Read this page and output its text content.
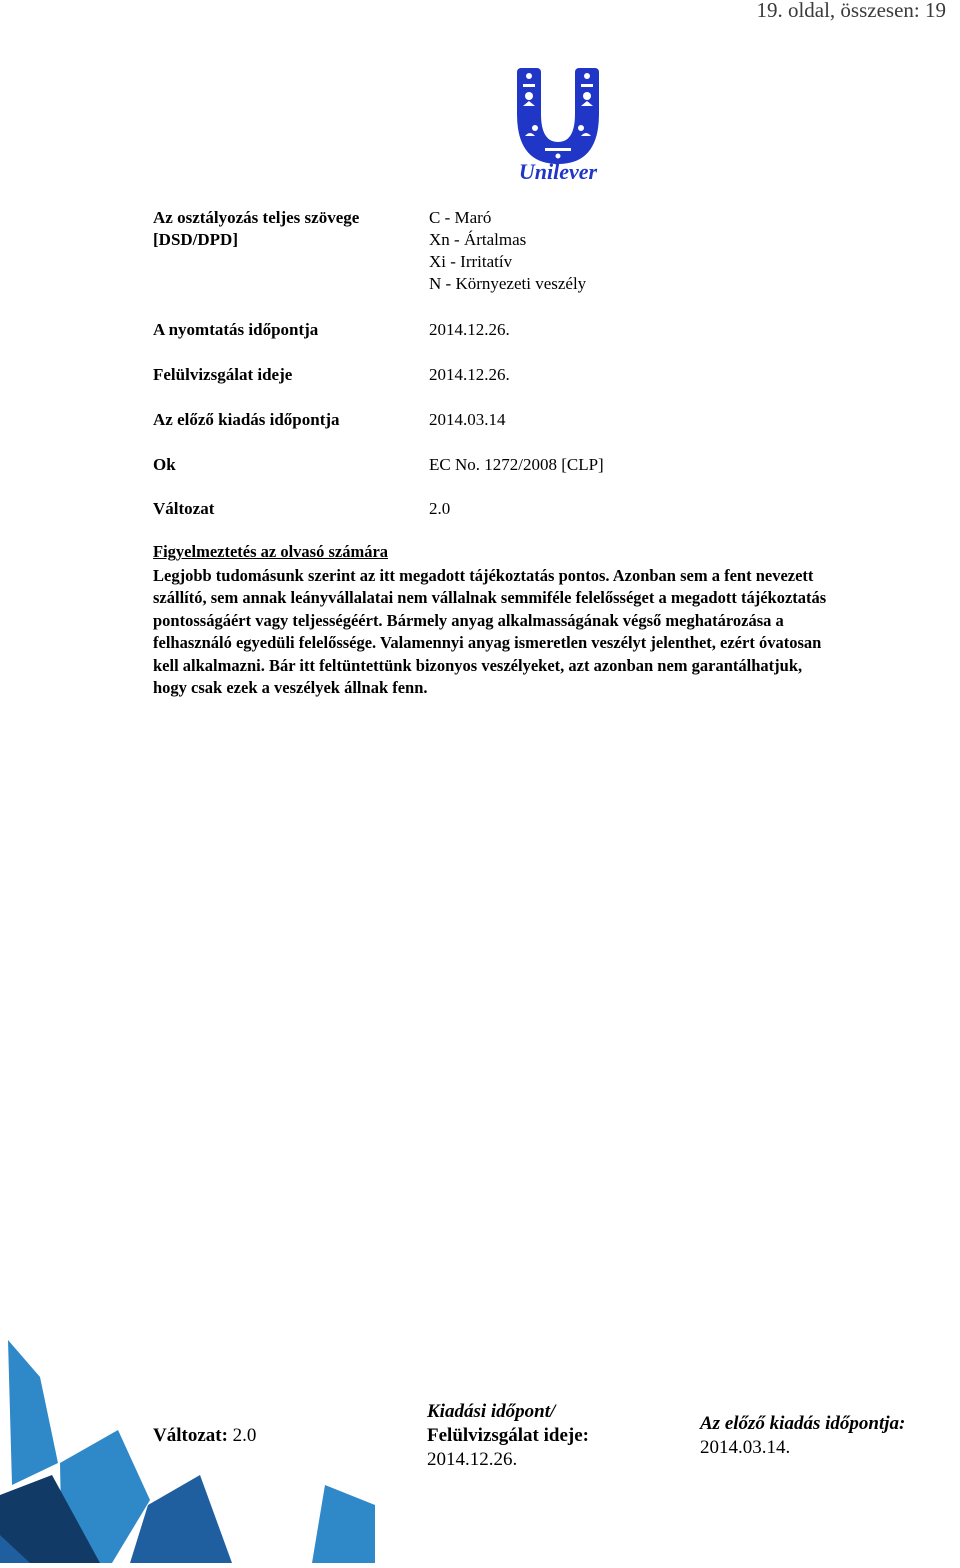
19. oldal, összesen: 19
Unilever
Az osztályozás teljes szövege
[DSD/DPD]
C - Maró
Xn - Ártalmas
Xi - Irritatív
N - Környezeti veszély
A nyomtatás időpontja	2014.12.26.
Felülvizsgálat ideje	2014.12.26.
Az előző kiadás időpontja	2014.03.14
Ok	EC No. 1272/2008 [CLP]
Változat	2.0
Figyelmeztetés az olvasó számára
Legjobb tudomásunk szerint az itt megadott tájékoztatás pontos. Azonban sem a fent nevezett
szállító, sem annak leányvállalatai nem vállalnak semmiféle felelősséget a megadott tájékoztatás
pontosságáért vagy teljességéért. Bármely anyag alkalmasságának végső meghatározása a
felhasználó egyedüli felelőssége. Valamennyi anyag ismeretlen veszélyt jelenthet, ezért óvatosan
kell alkalmazni. Bár itt feltüntettünk bizonyos veszélyeket, azt azonban nem garantálhatjuk,
hogy csak ezek a veszélyek állnak fenn.
Változat: 2.0
Kiadási időpont/
Felülvizsgálat ideje:
2014.12.26.
Az előző kiadás időpontja:
2014.03.14.
